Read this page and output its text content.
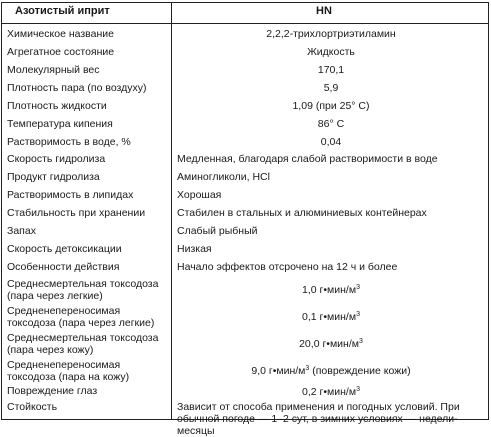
Азотистый иприт	HN
Химическое название	2,2,2-трихлортриэтиламин
Агрегатное состояние	Жидкость
Молекулярный вес	170,1
Плотность пара (по воздуху)	5,9
Плотность жидкости	1,09 (при 25° С)
Температура кипения	86° С
Растворимость в воде, %	0,04
Скорость гидролиза	Медленная, благодаря слабой растворимости в воде
Продукт гидролиза	Аминогликоли, HCl
Растворимость в липидах	Хорошая
Стабильность при хранении	Стабилен в стальных и алюминиевых контейнерах
Запах	Слабый рыбный
Скорость детоксикации	Низкая
Особенности действия	Начало эффектов отсрочено на 12 ч и более
Среднесмертельная токсодоза (пара через легкие)	1,0 $г•мин/м^3$
Средненепереносимая токсодоза (пара через легкие)	0,1 $г•мин/м^3$
Среднесмертельная токсодоза (пара через кожу)	20,0 $г•мин/м^3$
Средненепереносимая токсодоза (пара на кожу)	9,0 $г•мин/м^3$ (повреждение кожи)
Повреждение глаз	0,2 $г•мин/м^3$
Стойкость	Зависит от способа применения и погодных условий. При обычной погоде — 1–2 сут, в зимних условиях — недели-месяцы
